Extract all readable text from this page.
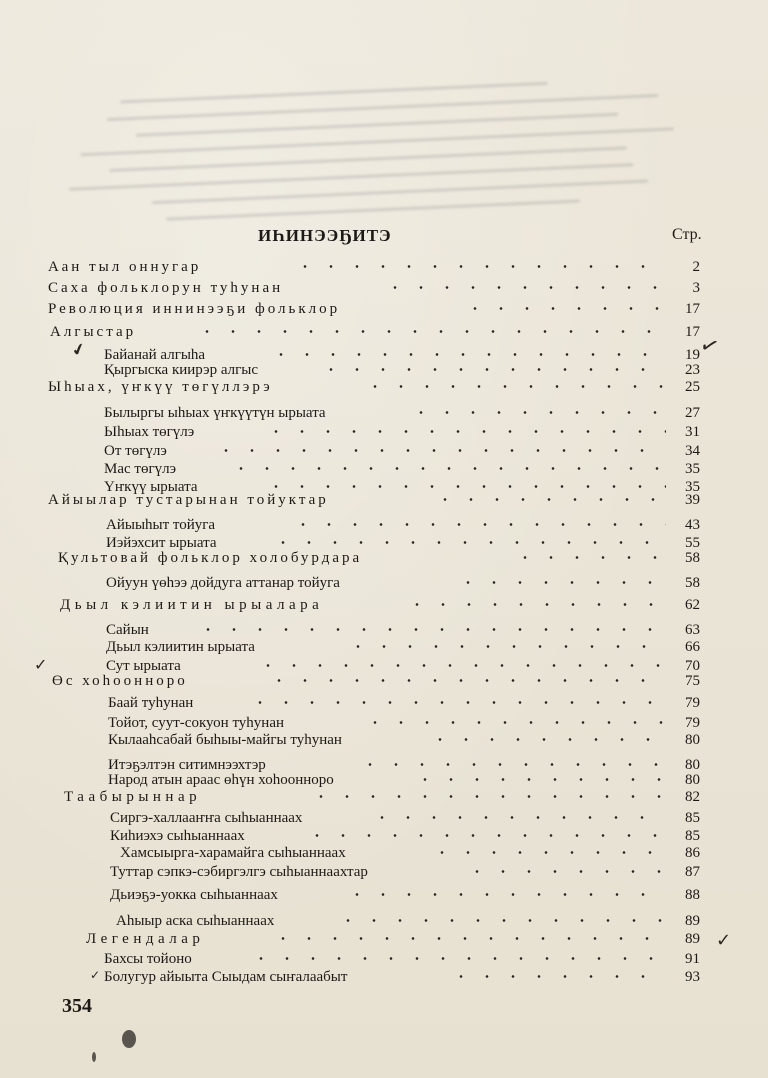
ИҺИНЭЭҔИТЭ	Стр.
Аан тыл оннугар	2
Саха фольклорун туһунан	3
Революция иннинээҕи фольклор	17
Алгыстар	17
Байанай алгыһа	19
Қыргыска киирэр алгыс	23
Ыһыах, үҥкүү төгүллэрэ	25
Былыргы ыһыах үҥкүүтүн ырыата	27
Ыһыах төгүлэ	31
От төгүлэ	34
Мас төгүлэ	35
Үҥкүү ырыата	35
Айыылар тустарынан тойуктар	39
Айыыһыт тойуга	43
Иэйэхсит ырыата	55
Қультовай фольклор холобурдара	58
Ойуун үөһээ дойдуга аттанар тойуга	58
Дьыл кэлиитин ырыалара	62
Сайын	63
Дьыл кэлиитин ырыата	66
Сут ырыата	70
Өс хоһоонноро	75
Баай туһунан	79
Тойот, суут-сокуон туһунан	79
Кылааһсабай быһыы-майгы туһунан	80
Итэҕэлтэн ситимнээхтэр	80
Народ атын араас өһүн хоһоонноро	80
Таабырыннар	82
Сиргэ-халлааҥҥа сыһыаннаах	85
Киһиэхэ сыһыаннаах	85
Хамсыырга-харамайга сыһыаннаах	86
Туттар сэпкэ-сэбиргэлгэ сыһыаннаахтар	87
Дьиэҕэ-уокка сыһыаннаах	88
Аһыыр аска сыһыаннаах	89
Легендалар	89
Бахсы тойоно	91
Болугур айыыта Сыыдам сыҥалаабыт	93
354
✔	✓
✓
✓
✓
